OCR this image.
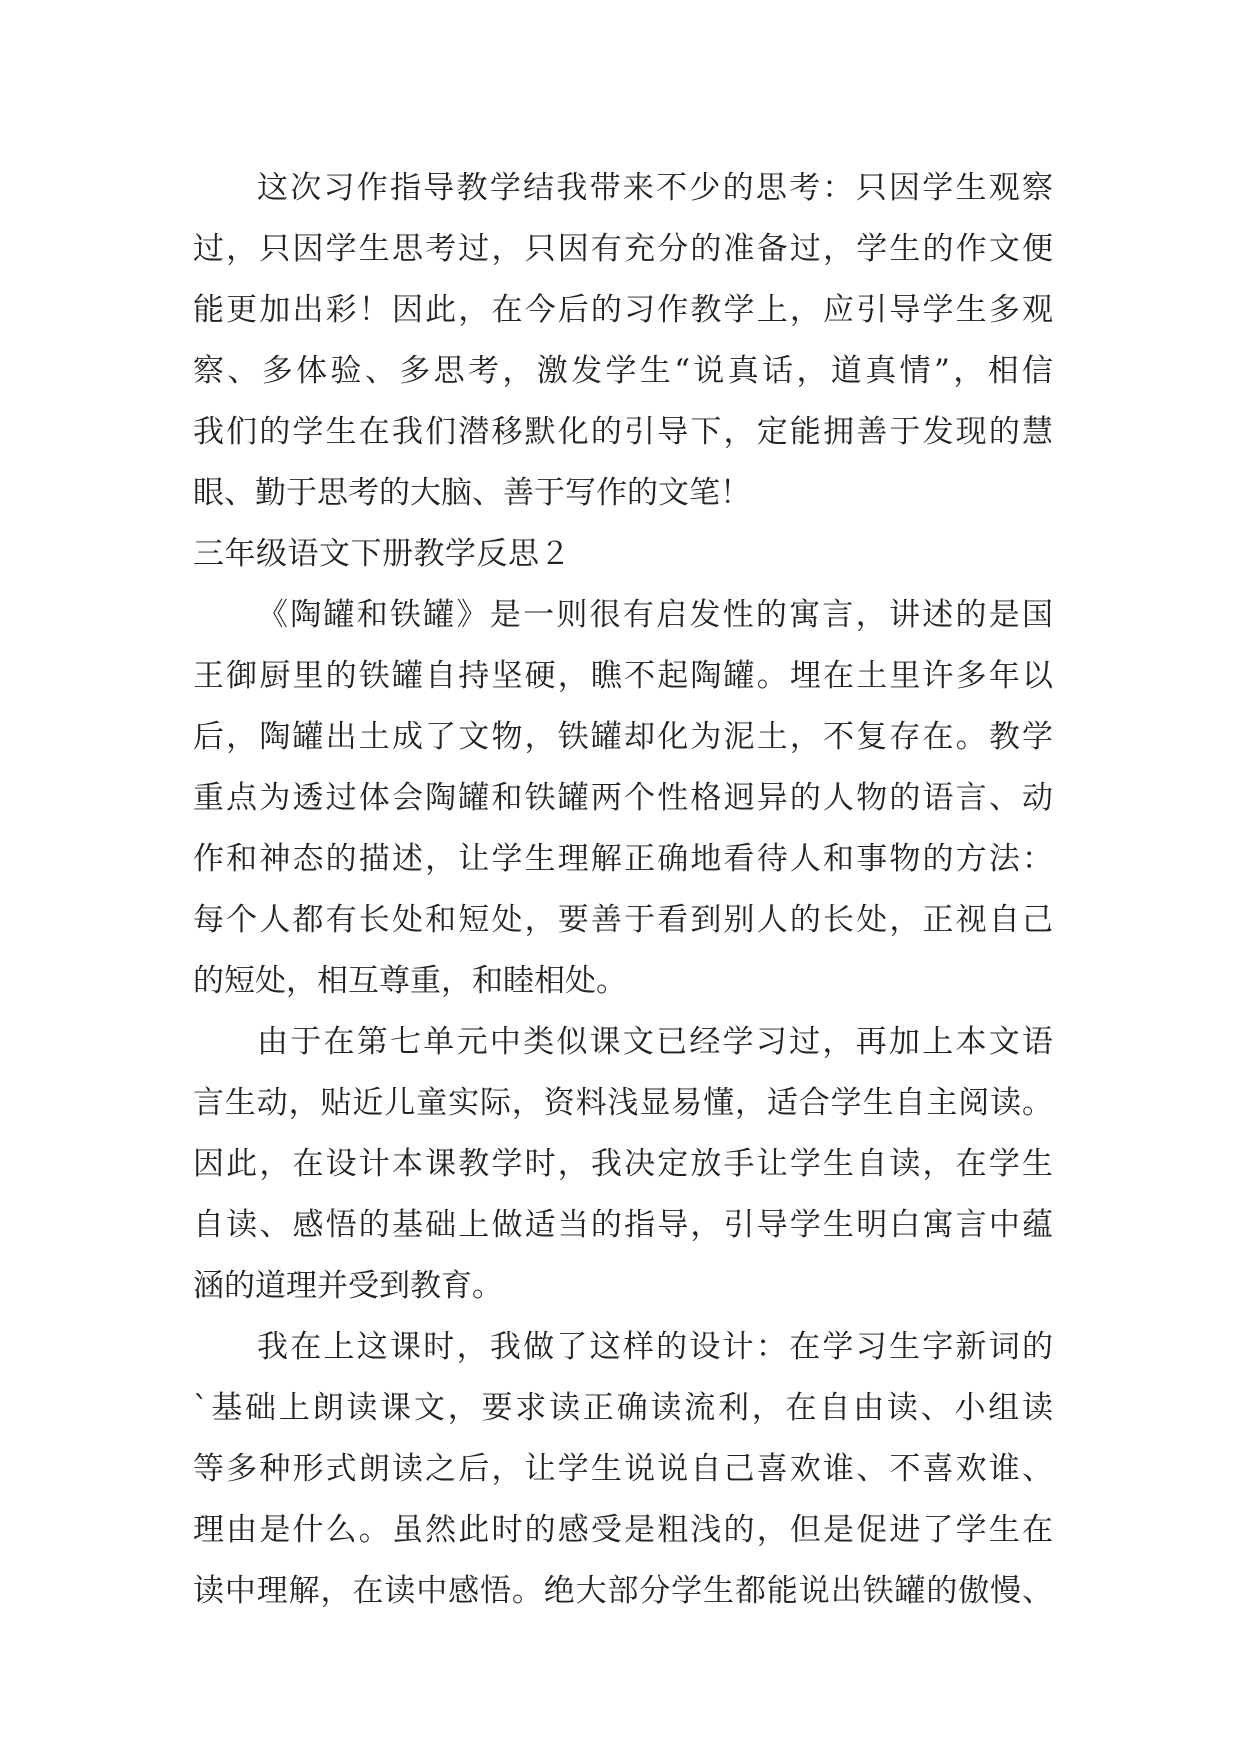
这次习作指导教学结我带来不少的思考：只因学生观察
过，只因学生思考过，只因有充分的准备过，学生的作文便
能更加出彩！因此，在今后的习作教学上，应引导学生多观
察、多体验、多思考，激发学生“说真话，道真情”，相信
我们的学生在我们潜移默化的引导下，定能拥善于发现的慧
眼、勤于思考的大脑、善于写作的文笔！
三年级语文下册教学反思２
《陶罐和铁罐》是一则很有启发性的寓言，讲述的是国
王御厨里的铁罐自持坚硬，瞧不起陶罐。埋在土里许多年以
后，陶罐出土成了文物，铁罐却化为泥土，不复存在。教学
重点为透过体会陶罐和铁罐两个性格迥异的人物的语言、动
作和神态的描述，让学生理解正确地看待人和事物的方法：
每个人都有长处和短处，要善于看到别人的长处，正视自己
的短处，相互尊重，和睦相处。
由于在第七单元中类似课文已经学习过，再加上本文语
言生动，贴近儿童实际，资料浅显易懂，适合学生自主阅读。
因此，在设计本课教学时，我决定放手让学生自读，在学生
自读、感悟的基础上做适当的指导，引导学生明白寓言中蕴
涵的道理并受到教育。
我在上这课时，我做了这样的设计：在学习生字新词的
`基础上朗读课文，要求读正确读流利，在自由读、小组读
等多种形式朗读之后，让学生说说自己喜欢谁、不喜欢谁、
理由是什么。虽然此时的感受是粗浅的，但是促进了学生在
读中理解，在读中感悟。绝大部分学生都能说出铁罐的傲慢、
